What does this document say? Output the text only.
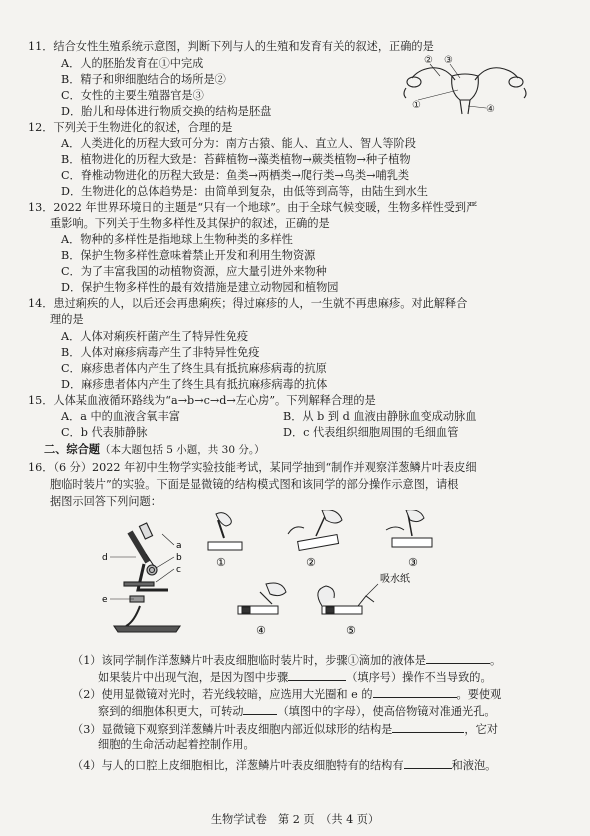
11．结合女性生殖系统示意图，判断下列与人的生殖和发育有关的叙述，正确的是
A．人的胚胎发育在①中完成
B．精子和卵细胞结合的场所是②
C．女性的主要生殖器官是③
D．胎儿和母体进行物质交换的结构是胚盘
② ③
①	④
12．下列关于生物进化的叙述，合理的是
A．人类进化的历程大致可分为：南方古猿、能人、直立人、智人等阶段
B．植物进化的历程大致是：苔藓植物→藻类植物→蕨类植物→种子植物
C．脊椎动物进化的历程大致是：鱼类→两栖类→爬行类→鸟类→哺乳类
D．生物进化的总体趋势是：由简单到复杂，由低等到高等，由陆生到水生
13．2022 年世界环境日的主题是“只有一个地球”。由于全球气候变暖，生物多样性受到严
重影响。下列关于生物多样性及其保护的叙述，正确的是
A．物种的多样性是指地球上生物种类的多样性
B．保护生物多样性意味着禁止开发和利用生物资源
C．为了丰富我国的动植物资源，应大量引进外来物种
D．保护生物多样性的最有效措施是建立动物园和植物园
14．患过痢疾的人，以后还会再患痢疾；得过麻疹的人，一生就不再患麻疹。对此解释合
理的是
A．人体对痢疾杆菌产生了特异性免疫
B．人体对麻疹病毒产生了非特异性免疫
C．麻疹患者体内产生了终生具有抵抗麻疹病毒的抗原
D．麻疹患者体内产生了终生具有抵抗麻疹病毒的抗体
15．人体某血液循环路线为“a→b→c→d→左心房”。下列解释合理的是
A．a 中的血液含氧丰富	B．从 b 到 d 血液由静脉血变成动脉血
C．b 代表肺静脉	D．c 代表组织细胞周围的毛细血管
二、综合题（本大题包括 5 小题，共 30 分。）
16．（6 分）2022 年初中生物学实验技能考试，某同学抽到“制作并观察洋葱鳞片叶表皮细
胞临时装片”的实验。下面是显微镜的结构模式图和该同学的部分操作示意图，请根
据图示回答下列问题：
a
b
c
d
e
①	②	③
④
吸水纸
⑤
（1）该同学制作洋葱鳞片叶表皮细胞临时装片时，步骤①滴加的液体是	。
如果装片中出现气泡，是因为图中步骤	（填序号）操作不当导致的。
（2）使用显微镜对光时，若光线较暗，应选用大光圈和 e 的	。要使观
察到的细胞体积更大，可转动	（填图中的字母），使高倍物镜对准通光孔。
（3）显微镜下观察到洋葱鳞片叶表皮细胞内部近似球形的结构是	，它对
细胞的生命活动起着控制作用。
（4）与人的口腔上皮细胞相比，洋葱鳞片叶表皮细胞特有的结构有	和液泡。
生物学试卷　第 2 页　（共 4 页）
